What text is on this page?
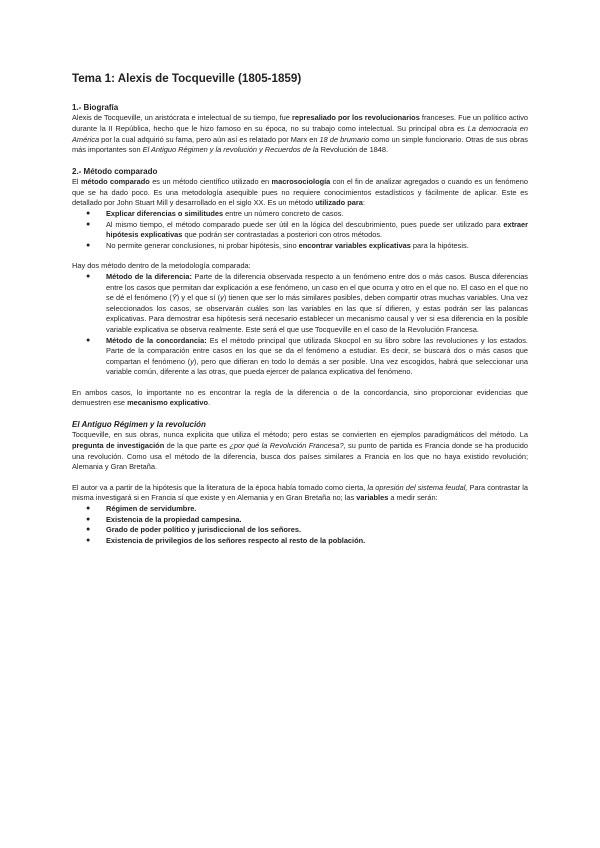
Tema 1: Alexis de Tocqueville (1805-1859)

1.- Biografía

Alexis de Tocqueville, un aristócrata e intelectual de su tiempo, fue represaliado por los revolucionarios franceses. Fue un político activo durante la II República, hecho que le hizo famoso en su época, no su trabajo como intelectual. Su principal obra es La democracia en América por la cual adquirió su fama, pero aún así es relatado por Marx en 18 de brumario como un simple funcionario. Otras de sus obras más importantes son El Antiguo Régimen y la revolución y Recuerdos de la Revolución de 1848.

2.- Método comparado

El método comparado es un método científico utilizado en macrosociología con el fin de analizar agregados o cuando es un fenómeno que se ha dado poco. Es una metodología asequible pues no requiere conocimientos estadísticos y fácilmente de aplicar. Este es detallado por John Stuart Mill y desarrollado en el siglo XX. Es un método utilizado para:

● Explicar diferencias o similitudes entre un número concreto de casos.
● Al mismo tiempo, el método comparado puede ser útil en la lógica del descubrimiento, pues puede ser utilizado para extraer hipótesis explicativas que podrán ser contrastadas a posteriori con otros métodos.
● No permite generar conclusiones, ni probar hipótesis, sino encontrar variables explicativas para la hipótesis.

Hay dos método dentro de la metodología comparada:

● Método de la diferencia: Parte de la diferencia observada respecto a un fenómeno entre dos o más casos. Busca diferencias entre los casos que permitan dar explicación a ese fenómeno, un caso en el que ocurra y otro en el que no. El caso en el que no se dé el fenómeno (Ȳ) y el que sí (y) tienen que ser lo más similares posibles, deben compartir otras muchas variables. Una vez seleccionados los casos, se observarán cuáles son las variables en las que sí difieren, y estas podrán ser las palancas explicativas. Para demostrar esa hipótesis será necesario establecer un mecanismo causal y ver si esa diferencia en la posible variable explicativa se observa realmente. Este será el que use Tocqueville en el caso de la Revolución Francesa.
● Método de la concordancia: Es el método principal que utilizada Skocpol en su libro sobre las revoluciones y los estados. Parte de la comparación entre casos en los que se da el fenómeno a estudiar. Es decir, se buscará dos o más casos que compartan el fenómeno (y), pero que difieran en todo lo demás a ser posible. Una vez escogidos, habrá que seleccionar una variable común, diferente a las otras, que pueda ejercer de palanca explicativa del fenómeno.

En ambos casos, lo importante no es encontrar la regla de la diferencia o de la concordancia, sino proporcionar evidencias que demuestren ese mecanismo explicativo.

El Antiguo Régimen y la revolución

Tocqueville, en sus obras, nunca explicita que utiliza el método; pero estas se convierten en ejemplos paradigmáticos del método. La pregunta de investigación de la que parte es ¿por qué la Revolución Francesa?, su punto de partida es Francia donde se ha producido una revolución. Como usa el método de la diferencia, busca dos países similares a Francia en los que no haya existido revolución; Alemania y Gran Bretaña.

El autor va a partir de la hipótesis que la literatura de la época había tomado como cierta, la opresión del sistema feudal, Para contrastar la misma investigará si en Francia sí que existe y en Alemania y en Gran Bretaña no; las variables a medir serán:

● Régimen de servidumbre.
● Existencia de la propiedad campesina.
● Grado de poder político y jurisdiccional de los señores.
● Existencia de privilegios de los señores respecto al resto de la población.
